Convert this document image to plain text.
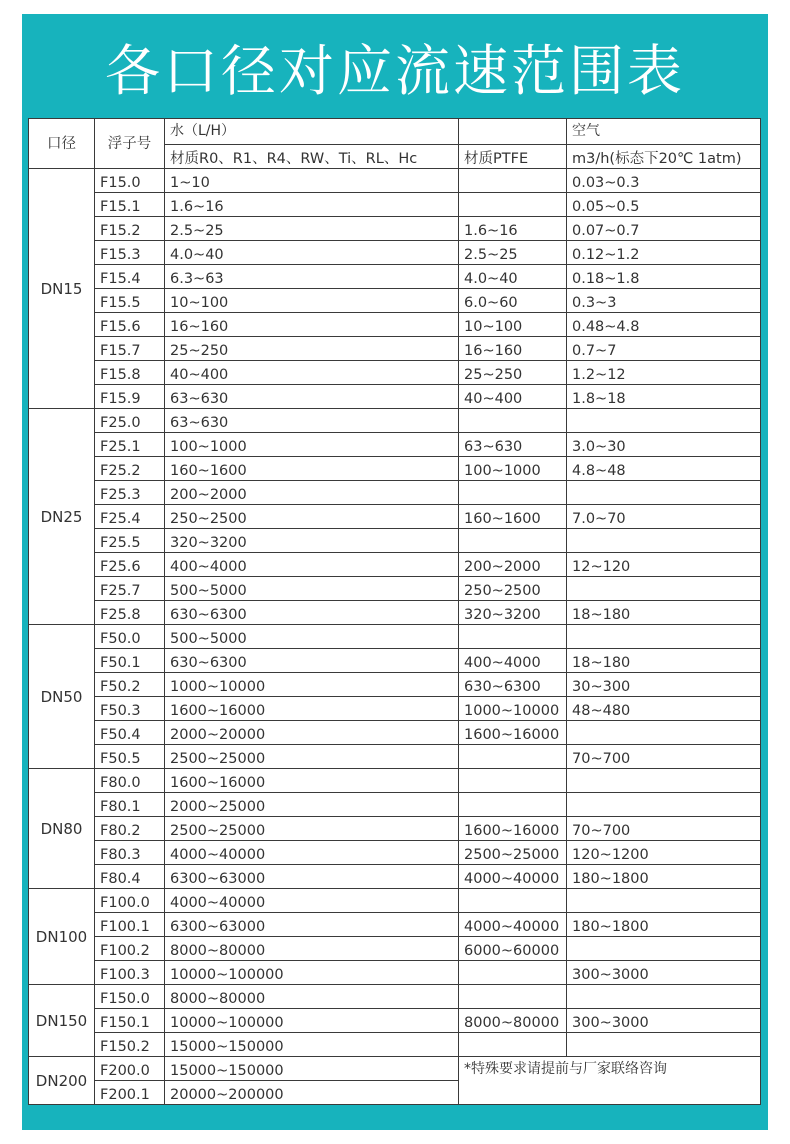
各口径对应流速范围表
口径	浮子号	水（L/H）		空气
		材质R0、R1、R4、RW、Ti、RL、Hc	材质PTFE	m3/h(标态下20℃ 1atm)
DN15	F15.0	1~10		0.03~0.3
	F15.1	1.6~16		0.05~0.5
	F15.2	2.5~25	1.6~16	0.07~0.7
	F15.3	4.0~40	2.5~25	0.12~1.2
	F15.4	6.3~63	4.0~40	0.18~1.8
	F15.5	10~100	6.0~60	0.3~3
	F15.6	16~160	10~100	0.48~4.8
	F15.7	25~250	16~160	0.7~7
	F15.8	40~400	25~250	1.2~12
	F15.9	63~630	40~400	1.8~18
DN25	F25.0	63~630		
	F25.1	100~1000	63~630	3.0~30
	F25.2	160~1600	100~1000	4.8~48
	F25.3	200~2000		
	F25.4	250~2500	160~1600	7.0~70
	F25.5	320~3200		
	F25.6	400~4000	200~2000	12~120
	F25.7	500~5000	250~2500	
	F25.8	630~6300	320~3200	18~180
DN50	F50.0	500~5000		
	F50.1	630~6300	400~4000	18~180
	F50.2	1000~10000	630~6300	30~300
	F50.3	1600~16000	1000~10000	48~480
	F50.4	2000~20000	1600~16000	
	F50.5	2500~25000		70~700
DN80	F80.0	1600~16000		
	F80.1	2000~25000		
	F80.2	2500~25000	1600~16000	70~700
	F80.3	4000~40000	2500~25000	120~1200
	F80.4	6300~63000	4000~40000	180~1800
DN100	F100.0	4000~40000		
	F100.1	6300~63000	4000~40000	180~1800
	F100.2	8000~80000	6000~60000	
	F100.3	10000~100000		300~3000
DN150	F150.0	8000~80000		
	F150.1	10000~100000	8000~80000	300~3000
	F150.2	15000~150000		
DN200	F200.0	15000~150000	*特殊要求请提前与厂家联络咨询	
	F200.1	20000~200000		
